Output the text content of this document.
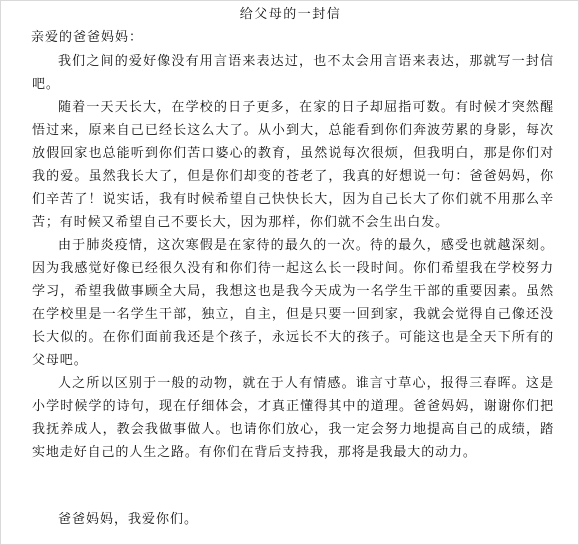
给父母的一封信
亲爱的爸爸妈妈：

我们之间的爱好像没有用言语来表达过，也不太会用言语来表达，那就写一封信吧。

随着一天天长大，在学校的日子更多，在家的日子却屈指可数。有时候才突然醒悟过来，原来自己已经长这么大了。从小到大，总能看到你们奔波劳累的身影，每次放假回家也总能听到你们苦口婆心的教育，虽然说每次很烦，但我明白，那是你们对我的爱。虽然我长大了，但是你们却变的苍老了，我真的好想说一句：爸爸妈妈，你们辛苦了！说实话，我有时候希望自己快快长大，因为自己长大了你们就不用那么辛苦；有时候又希望自己不要长大，因为那样，你们就不会生出白发。

由于肺炎疫情，这次寒假是在家待的最久的一次。待的最久，感受也就越深刻。因为我感觉好像已经很久没有和你们待一起这么长一段时间。你们希望我在学校努力学习，希望我做事顾全大局，我想这也是我今天成为一名学生干部的重要因素。虽然在学校里是一名学生干部，独立，自主，但是只要一回到家，我就会觉得自己像还没长大似的。在你们面前我还是个孩子，永远长不大的孩子。可能这也是全天下所有的父母吧。

人之所以区别于一般的动物，就在于人有情感。谁言寸草心，报得三春晖。这是小学时候学的诗句，现在仔细体会，才真正懂得其中的道理。爸爸妈妈，谢谢你们把我抚养成人，教会我做事做人。也请你们放心，我一定会努力地提高自己的成绩，踏实地走好自己的人生之路。有你们在背后支持我，那将是我最大的动力。

爸爸妈妈，我爱你们。
